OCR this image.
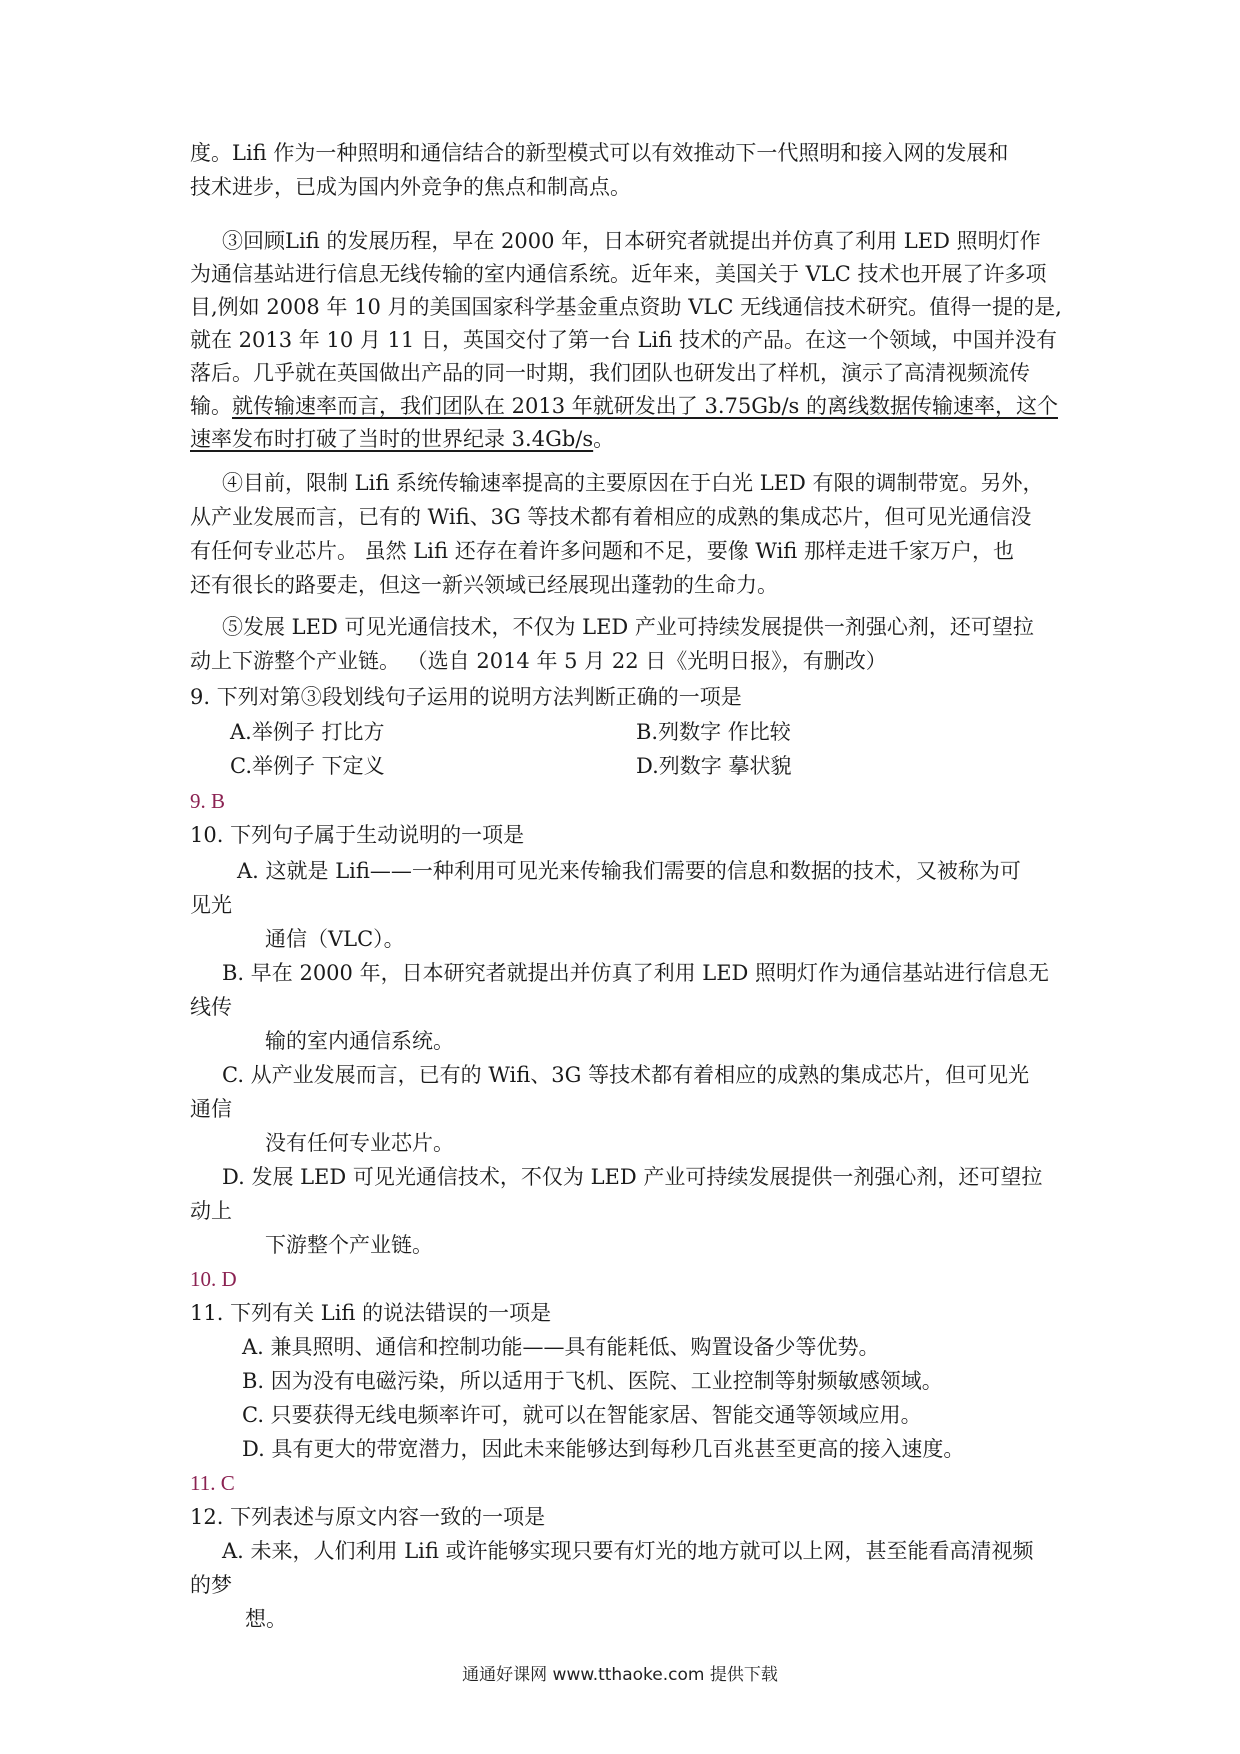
度。Lifi 作为一种照明和通信结合的新型模式可以有效推动下一代照明和接入网的发展和
技术进步，已成为国内外竞争的焦点和制高点。
③回顾Lifi 的发展历程，早在 2000 年，日本研究者就提出并仿真了利用 LED 照明灯作
为通信基站进行信息无线传输的室内通信系统。近年来，美国关于 VLC 技术也开展了许多项
目,例如 2008 年 10 月的美国国家科学基金重点资助 VLC 无线通信技术研究。值得一提的是,
就在 2013 年 10 月 11 日，英国交付了第一台 Lifi 技术的产品。在这一个领域，中国并没有
落后。几乎就在英国做出产品的同一时期，我们团队也研发出了样机，演示了高清视频流传
输。就传输速率而言，我们团队在 2013 年就研发出了 3.75Gb/s 的离线数据传输速率，这个
速率发布时打破了当时的世界纪录 3.4Gb/s。
④目前，限制 Lifi 系统传输速率提高的主要原因在于白光 LED 有限的调制带宽。另外，
从产业发展而言，已有的 Wifi、3G 等技术都有着相应的成熟的集成芯片，但可见光通信没
有任何专业芯片。 虽然 Lifi 还存在着许多问题和不足，要像 Wifi 那样走进千家万户，也
还有很长的路要走，但这一新兴领域已经展现出蓬勃的生命力。
⑤发展 LED 可见光通信技术，不仅为 LED 产业可持续发展提供一剂强心剂，还可望拉
动上下游整个产业链。 （选自 2014 年 5 月 22 日《光明日报》，有删改）
9. 下列对第③段划线句子运用的说明方法判断正确的一项是
A.举例子 打比方	B.列数字 作比较
C.举例子 下定义	D.列数字 摹状貌
9. B
10. 下列句子属于生动说明的一项是
A. 这就是 Lifi——一种利用可见光来传输我们需要的信息和数据的技术，又被称为可
见光
通信（VLC）。
B. 早在 2000 年，日本研究者就提出并仿真了利用 LED 照明灯作为通信基站进行信息无
线传
输的室内通信系统。
C. 从产业发展而言，已有的 Wifi、3G 等技术都有着相应的成熟的集成芯片，但可见光
通信
没有任何专业芯片。
D. 发展 LED 可见光通信技术，不仅为 LED 产业可持续发展提供一剂强心剂，还可望拉
动上
下游整个产业链。
10. D
11. 下列有关 Lifi 的说法错误的一项是
A. 兼具照明、通信和控制功能——具有能耗低、购置设备少等优势。
B. 因为没有电磁污染，所以适用于飞机、医院、工业控制等射频敏感领域。
C. 只要获得无线电频率许可，就可以在智能家居、智能交通等领域应用。
D. 具有更大的带宽潜力，因此未来能够达到每秒几百兆甚至更高的接入速度。
11. C
12. 下列表述与原文内容一致的一项是
A. 未来，人们利用 Lifi 或许能够实现只要有灯光的地方就可以上网，甚至能看高清视频
的梦
想。
通通好课网 www.tthaoke.com 提供下载
